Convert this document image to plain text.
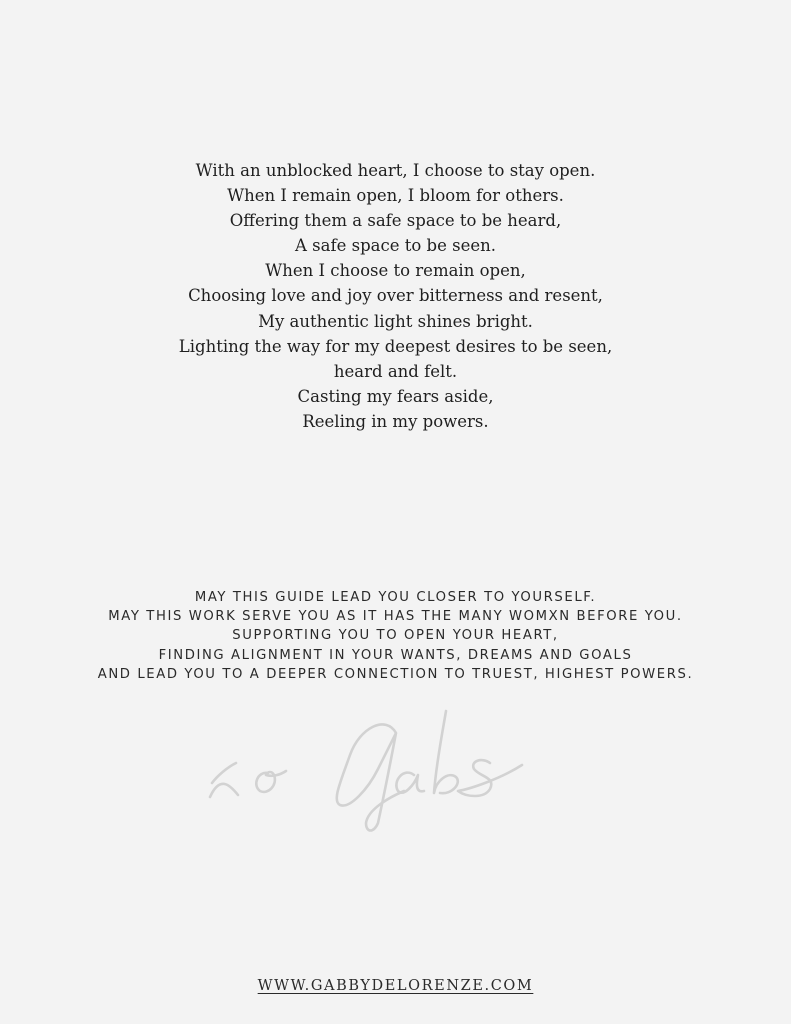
With an unblocked heart, I choose to stay open.
When I remain open, I bloom for others.
Offering them a safe space to be heard,
A safe space to be seen.
When I choose to remain open,
Choosing love and joy over bitterness and resent,
My authentic light shines bright.
Lighting the way for my deepest desires to be seen,
heard and felt.
Casting my fears aside,
Reeling in my powers.
MAY THIS GUIDE LEAD YOU CLOSER TO YOURSELF.
MAY THIS WORK SERVE YOU AS IT HAS THE MANY WOMXN BEFORE YOU.
SUPPORTING YOU TO OPEN YOUR HEART,
FINDING ALIGNMENT IN YOUR WANTS, DREAMS AND GOALS
AND LEAD YOU TO A DEEPER CONNECTION TO TRUEST, HIGHEST POWERS.
WWW.GABBYDELORENZE.COM
